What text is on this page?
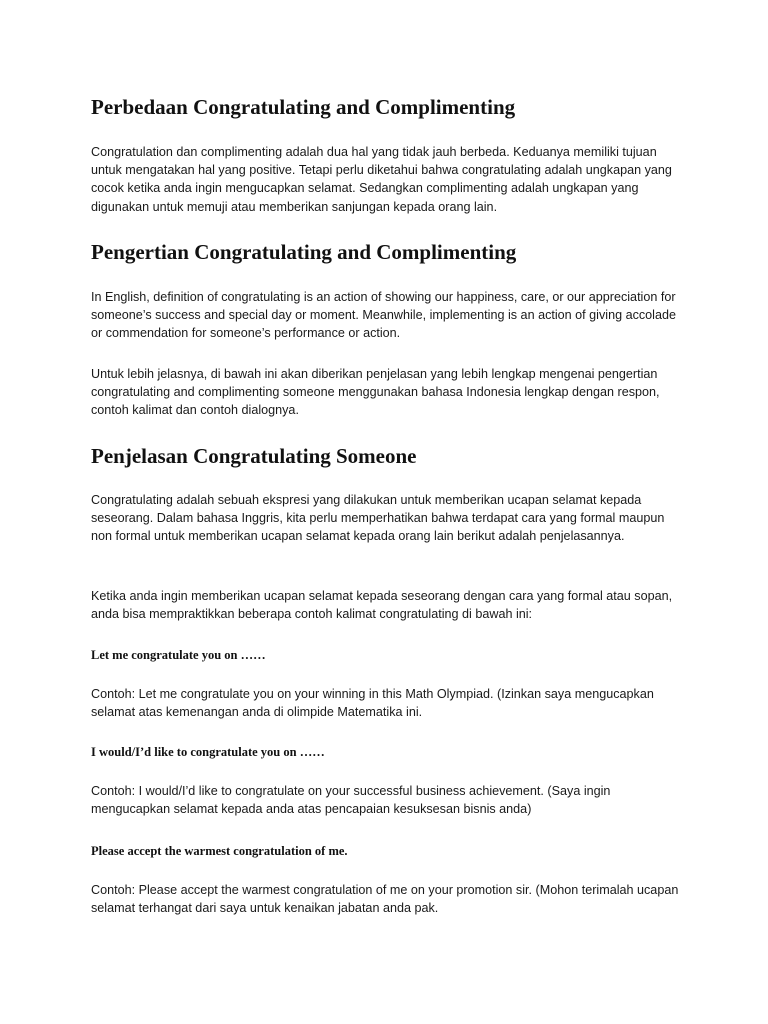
Perbedaan Congratulating and Complimenting

Congratulation dan complimenting adalah dua hal yang tidak jauh berbeda. Keduanya memiliki tujuan untuk mengatakan hal yang positive. Tetapi perlu diketahui bahwa congratulating adalah ungkapan yang cocok ketika anda ingin mengucapkan selamat. Sedangkan complimenting adalah ungkapan yang digunakan untuk memuji atau memberikan sanjungan kepada orang lain.

Pengertian Congratulating and Complimenting

In English, definition of congratulating is an action of showing our happiness, care, or our appreciation for someone’s success and special day or moment. Meanwhile, implementing is an action of giving accolade or commendation for someone’s performance or action.

Untuk lebih jelasnya, di bawah ini akan diberikan penjelasan yang lebih lengkap mengenai pengertian congratulating and complimenting someone menggunakan bahasa Indonesia lengkap dengan respon, contoh kalimat dan contoh dialognya.

Penjelasan Congratulating Someone

Congratulating adalah sebuah ekspresi yang dilakukan untuk memberikan ucapan selamat kepada seseorang. Dalam bahasa Inggris, kita perlu memperhatikan bahwa terdapat cara yang formal maupun non formal untuk memberikan ucapan selamat kepada orang lain berikut adalah penjelasannya.

Ketika anda ingin memberikan ucapan selamat kepada seseorang dengan cara yang formal atau sopan, anda bisa mempraktikkan beberapa contoh kalimat congratulating di bawah ini:

Let me congratulate you on ……

Contoh: Let me congratulate you on your winning in this Math Olympiad. (Izinkan saya mengucapkan selamat atas kemenangan anda di olimpide Matematika ini.

I would/I’d like to congratulate you on ……

Contoh: I would/I’d like to congratulate on your successful business achievement. (Saya ingin mengucapkan selamat kepada anda atas pencapaian kesuksesan bisnis anda)

Please accept the warmest congratulation of me.

Contoh: Please accept the warmest congratulation of me on your promotion sir. (Mohon terimalah ucapan selamat terhangat dari saya untuk kenaikan jabatan anda pak.
